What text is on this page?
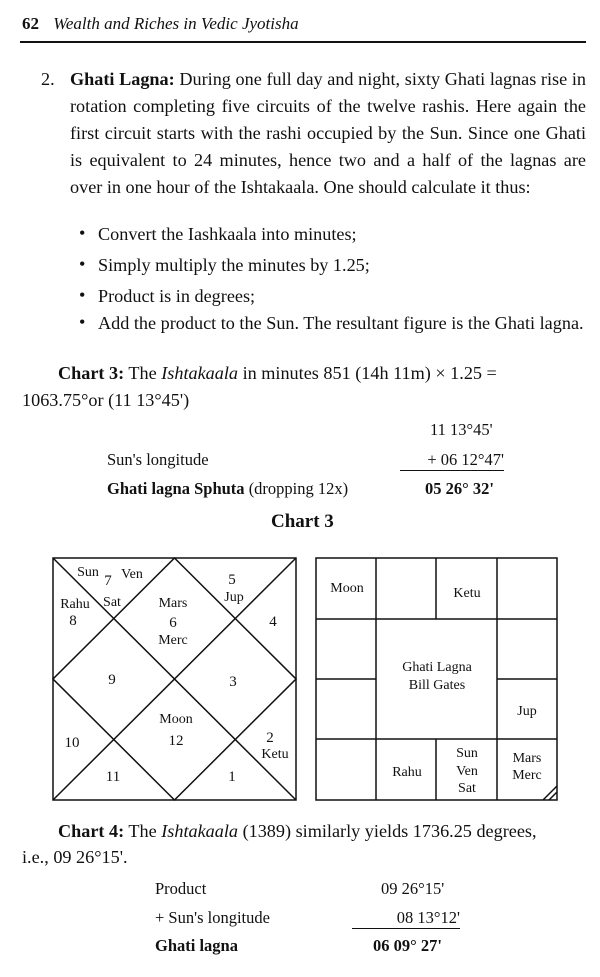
62 Wealth and Riches in Vedic Jyotisha
2. Ghati Lagna: During one full day and night, sixty Ghati lagnas rise in rotation completing five circuits of the twelve rashis. Here again the first circuit starts with the rashi occupied by the Sun. Since one Ghati is equivalent to 24 minutes, hence two and a half of the lagnas are over in one hour of the Ishtakaala. One should calculate it thus:
• Convert the Iashkaala into minutes;
• Simply multiply the minutes by 1.25;
• Product is in degrees;
• Add the product to the Sun. The resultant figure is the Ghati lagna.
Chart 3: The Ishtakaala in minutes 851 (14h 11m) × 1.25 =
1063.75°or (11 13°45')
11 13°45'
Sun's longitude	+ 06 12°47'
Ghati lagna Sphuta (dropping 12x)	05 26° 32'
Chart 3
Sun
7 Ven
Rahu Sat
8
Mars
6
Merc
5
Jup
4
9	3
Moon
12
10	2
Ketu
11	1
Moon	Ketu
Ghati Lagna
Bill Gates
Jup
Rahu
Sun
Ven
Sat
Mars
Merc
Chart 4: The Ishtakaala (1389) similarly yields 1736.25 degrees,
i.e., 09 26°15'.
Product	09 26°15'
+ Sun's longitude	08 13°12'
Ghati lagna	06 09° 27'
